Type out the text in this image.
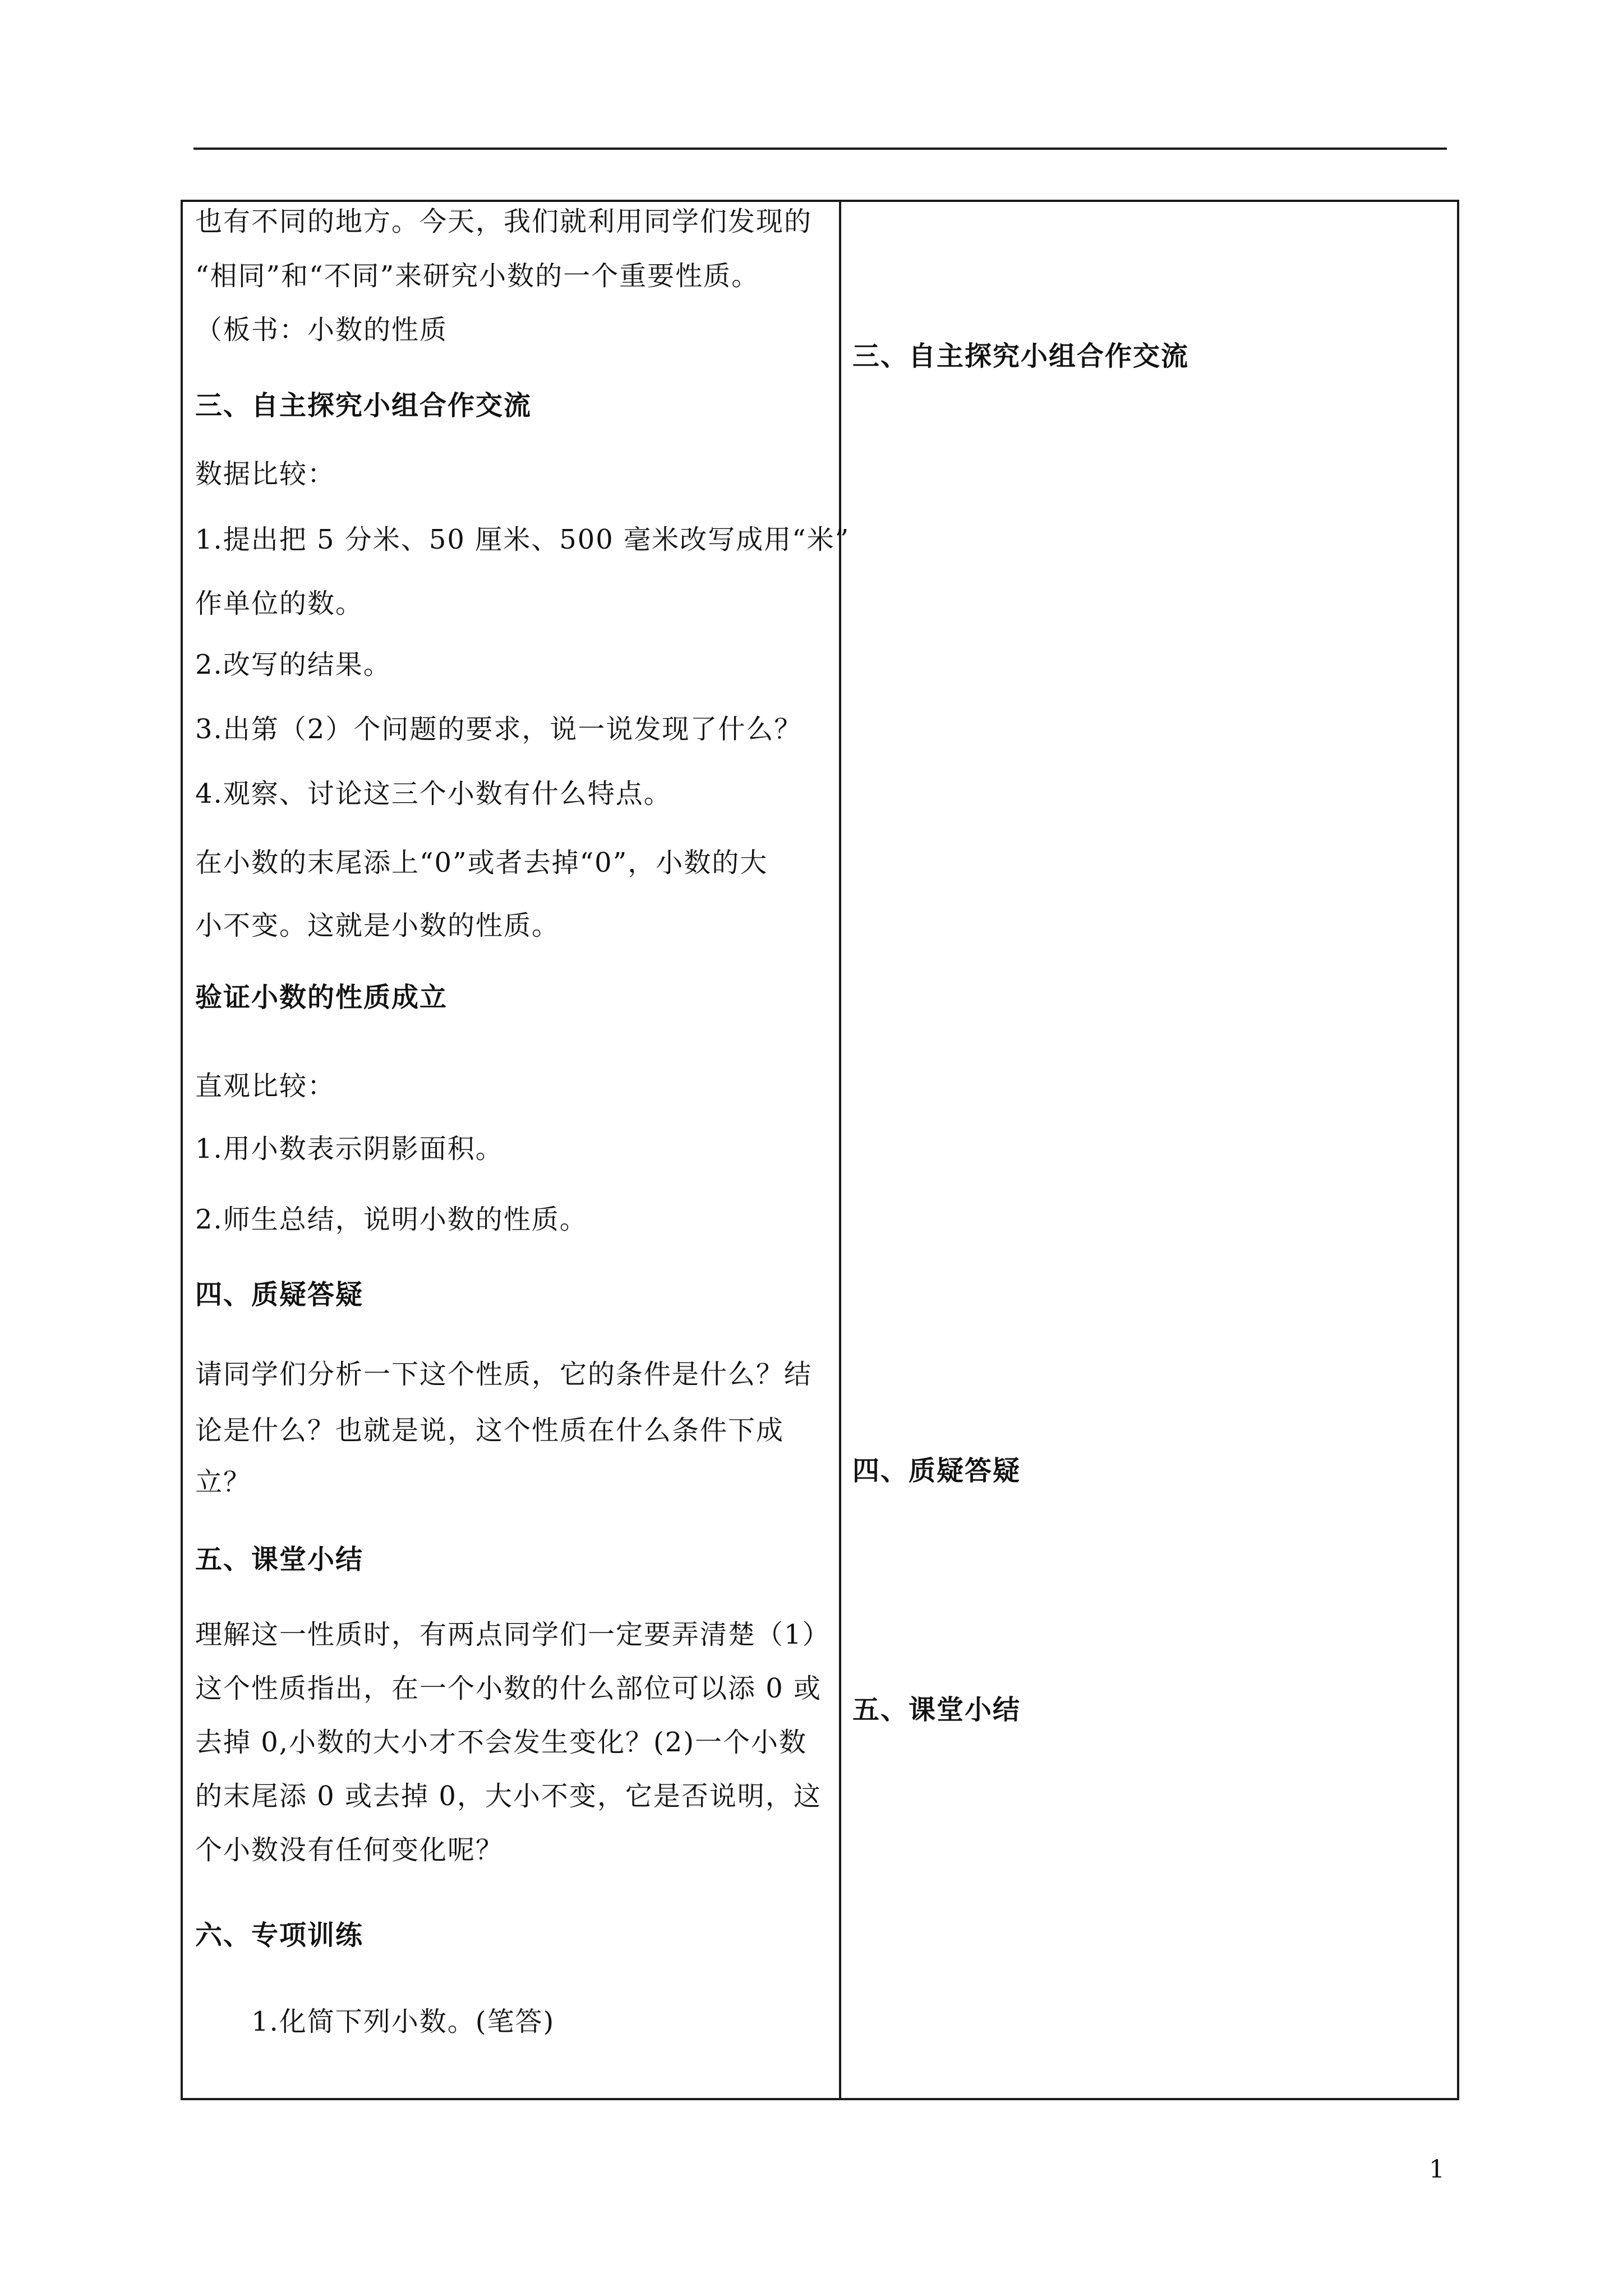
也有不同的地方。今天，我们就利用同学们发现的
“相同”和“不同”来研究小数的一个重要性质。
（板书：小数的性质
三、自主探究小组合作交流
数据比较：
1.提出把 5 分米、50 厘米、500 毫米改写成用“米”
作单位的数。
2.改写的结果。
3.出第（2）个问题的要求，说一说发现了什么？
4.观察、讨论这三个小数有什么特点。
在小数的末尾添上“0”或者去掉“0”，小数的大
小不变。这就是小数的性质。
验证小数的性质成立
直观比较：
1.用小数表示阴影面积。
2.师生总结，说明小数的性质。
四、质疑答疑
请同学们分析一下这个性质，它的条件是什么？结
论是什么？也就是说，这个性质在什么条件下成
立？
五、课堂小结
理解这一性质时，有两点同学们一定要弄清楚（1）
这个性质指出，在一个小数的什么部位可以添 0 或
去掉 0,小数的大小才不会发生变化？(2)一个小数
的末尾添 0 或去掉 0，大小不变，它是否说明，这
个小数没有任何变化呢？
六、专项训练
1.化简下列小数。(笔答)
三、自主探究小组合作交流
四、质疑答疑
五、课堂小结
1
